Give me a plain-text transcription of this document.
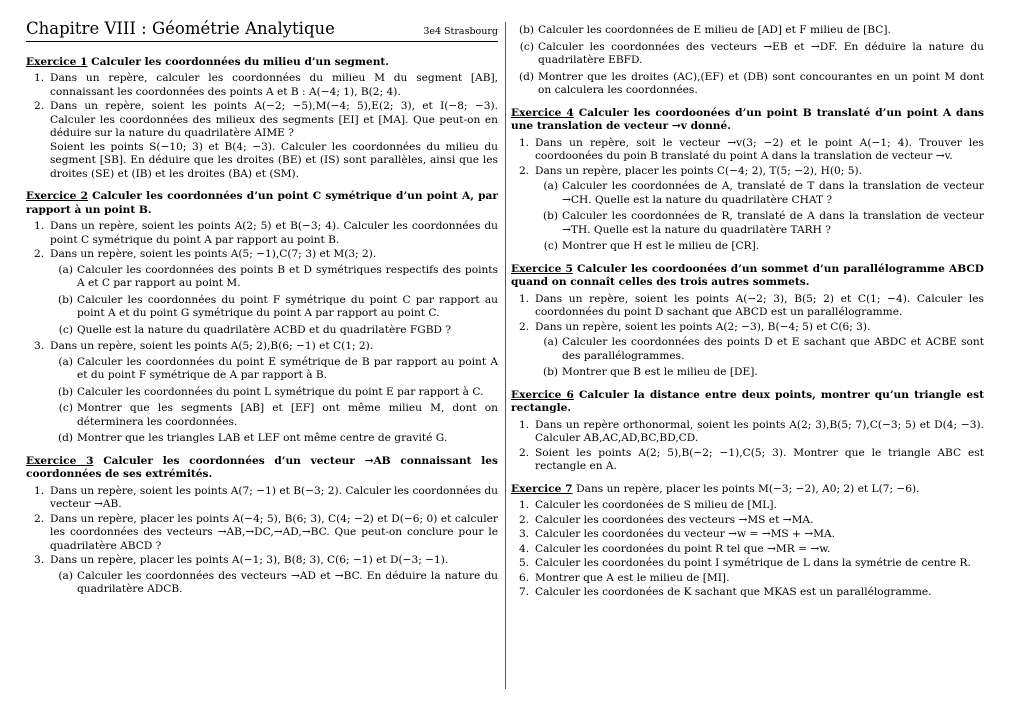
Chapitre VIII : Géométrie Analytique	3e4 Strasbourg
Exercice 1 Calculer les coordonnées du milieu d’un segment.
1. Dans un repère, calculer les coordonnées du milieu M du segment [AB], connaissant les coordonnées des points A et B : A(−4; 1), B(2; 4).
2. Dans un repère, soient les points A(−2; −5),M(−4; 5),E(2; 3), et I(−8; −3). Calculer les coordonnées des milieux des segments [EI] et [MA]. Que peut-on en déduire sur la nature du quadrilatère AIME ?
Soient les points S(−10; 3) et B(4; −3). Calculer les coordonnées du milieu du segment [SB]. En déduire que les droites (BE) et (IS) sont parallèles, ainsi que les droites (SE) et (IB) et les droites (BA) et (SM).
Exercice 2 Calculer les coordonnées d’un point C symétrique d’un point A, par rapport à un point B.
1. Dans un repère, soient les points A(2; 5) et B(−3; 4). Calculer les coordonnées du point C symétrique du point A par rapport au point B.
2. Dans un repère, soient les points A(5; −1),C(7; 3) et M(3; 2).
(a) Calculer les coordonnées des points B et D symétriques respectifs des points A et C par rapport au point M.
(b) Calculer les coordonnées du point F symétrique du point C par rapport au point A et du point G symétrique du point A par rapport au point C.
(c) Quelle est la nature du quadrilatère ACBD et du quadrilatère FGBD ?
3. Dans un repère, soient les points A(5; 2),B(6; −1) et C(1; 2).
(a) Calculer les coordonnées du point E symétrique de B par rapport au point A et du point F symétrique de A par rapport à B.
(b) Calculer les coordonnées du point L symétrique du point E par rapport à C.
(c) Montrer que les segments [AB] et [EF] ont même milieu M, dont on déterminera les coordonnées.
(d) Montrer que les triangles LAB et LEF ont même centre de gravité G.
Exercice 3 Calculer les coordonnées d’un vecteur →AB connaissant les coordonnées de ses extrémités.
1. Dans un repère, soient les points A(7; −1) et B(−3; 2). Calculer les coordonnées du vecteur →AB.
2. Dans un repère, placer les points A(−4; 5), B(6; 3), C(4; −2) et D(−6; 0) et calculer les coordonnées des vecteurs →AB,→DC,→AD,→BC. Que peut-on conclure pour le quadrilatère ABCD ?
3. Dans un repère, placer les points A(−1; 3), B(8; 3), C(6; −1) et D(−3; −1).
(a) Calculer les coordonnées des vecteurs →AD et →BC. En déduire la nature du quadrilatère ADCB.
(b) Calculer les coordonnées de E milieu de [AD] et F milieu de [BC].
(c) Calculer les coordonnées des vecteurs →EB et →DF. En déduire la nature du quadrilatère EBFD.
(d) Montrer que les droites (AC),(EF) et (DB) sont concourantes en un point M dont on calculera les coordonnées.
Exercice 4 Calculer les coordoonées d’un point B translaté d’un point A dans une translation de vecteur →v donné.
1. Dans un repère, soit le vecteur →v(3; −2) et le point A(−1; 4). Trouver les coordoonées du poin B translaté du point A dans la translation de vecteur →v.
2. Dans un repère, placer les points C(−4; 2), T(5; −2), H(0; 5).
(a) Calculer les coordonnées de A, translaté de T dans la translation de vecteur →CH. Quelle est la nature du quadrilatère CHAT ?
(b) Calculer les coordonnées de R, translaté de A dans la translation de vecteur →TH. Quelle est la nature du quadrilatère TARH ?
(c) Montrer que H est le milieu de [CR].
Exercice 5 Calculer les coordoonées d’un sommet d’un parallélogramme ABCD quand on connaît celles des trois autres sommets.
1. Dans un repère, soient les points A(−2; 3), B(5; 2) et C(1; −4). Calculer les coordonnées du point D sachant que ABCD est un parallélogramme.
2. Dans un repère, soient les points A(2; −3), B(−4; 5) et C(6; 3).
(a) Calculer les coordonnées des points D et E sachant que ABDC et ACBE sont des parallélogrammes.
(b) Montrer que B est le milieu de [DE].
Exercice 6 Calculer la distance entre deux points, montrer qu’un triangle est rectangle.
1. Dans un repère orthonormal, soient les points A(2; 3),B(5; 7),C(−3; 5) et D(4; −3). Calculer AB,AC,AD,BC,BD,CD.
2. Soient les points A(2; 5),B(−2; −1),C(5; 3). Montrer que le triangle ABC est rectangle en A.
Exercice 7 Dans un repère, placer les points M(−3; −2), A0; 2) et L(7; −6).
1. Calculer les coordonées de S milieu de [ML].
2. Calculer les coordonées des vecteurs →MS et →MA.
3. Calculer les coordonées du vecteur →w = →MS + →MA.
4. Calculer les coordonées du point R tel que →MR = →w.
5. Calculer les coordonées du point I symétrique de L dans la symétrie de centre R.
6. Montrer que A est le milieu de [MI].
7. Calculer les coordonées de K sachant que MKAS est un parallélogramme.
